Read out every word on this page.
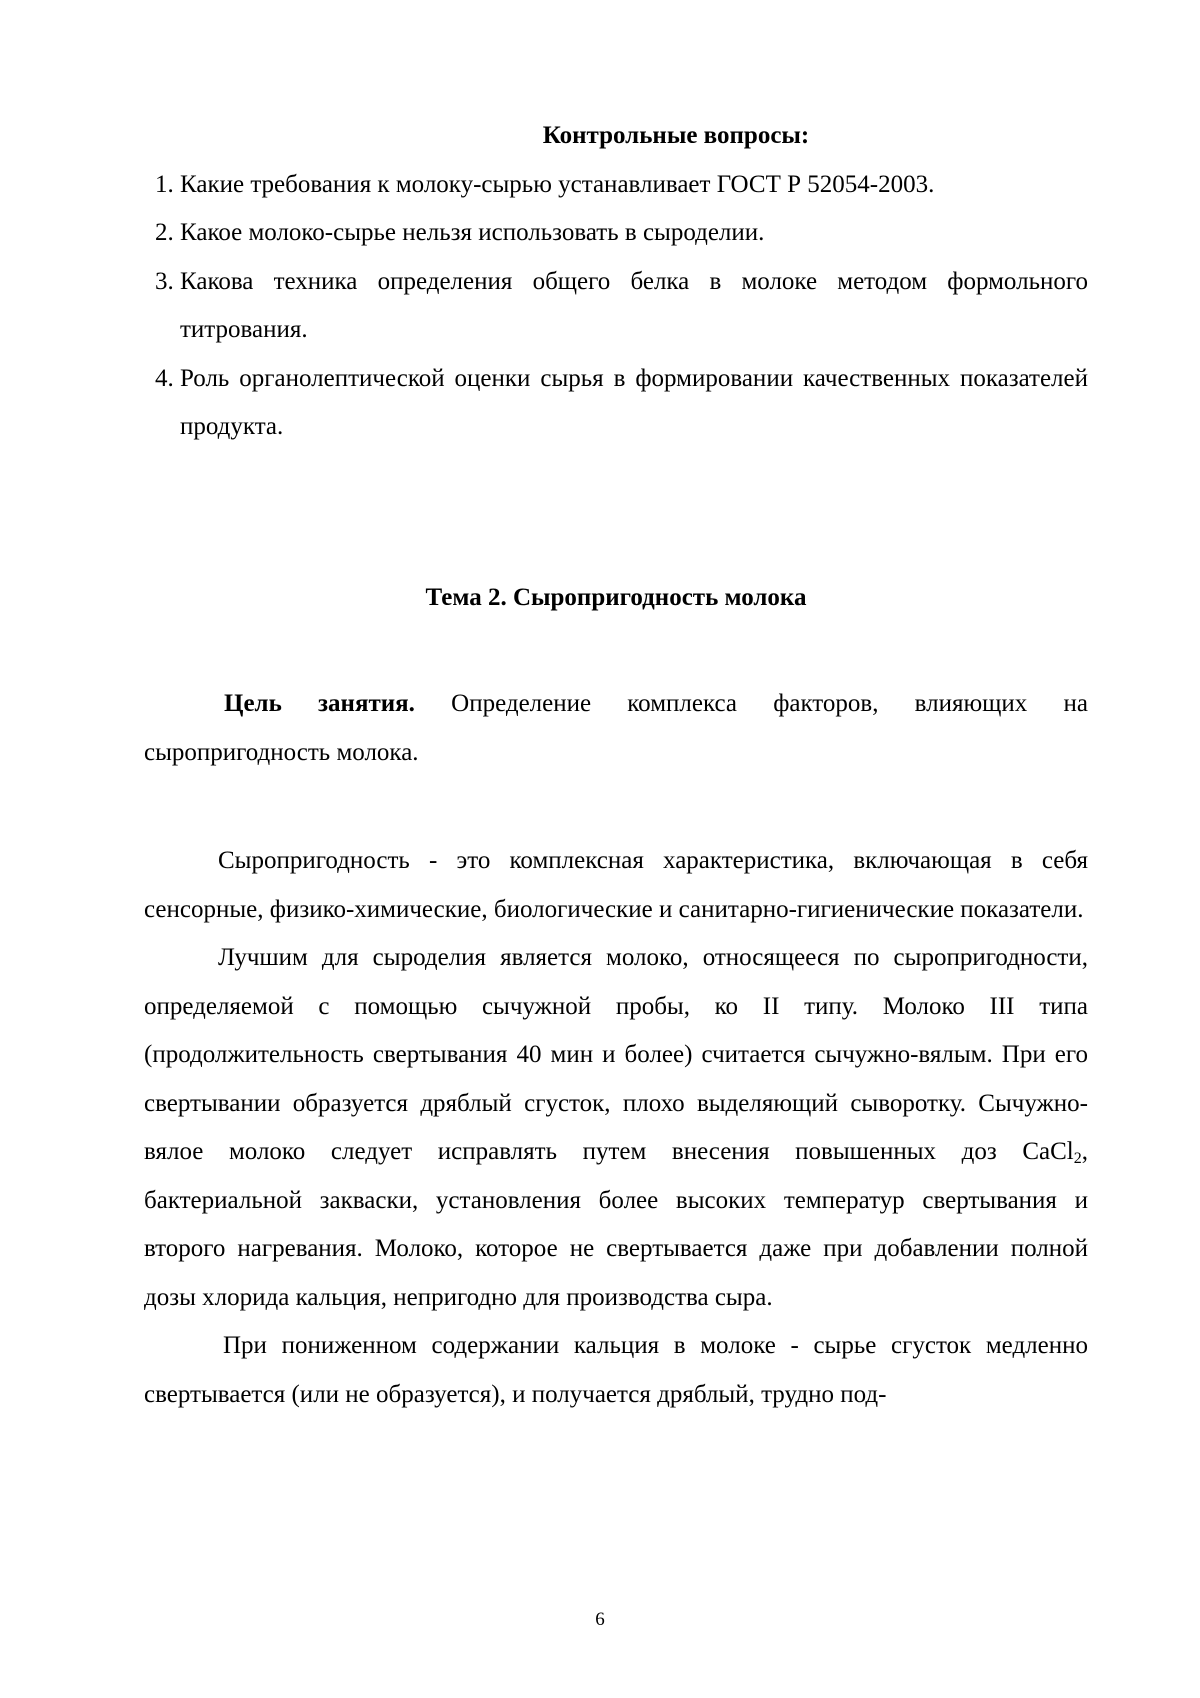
Контрольные вопросы:

1. Какие требования к молоку-сырью устанавливает ГОСТ Р 52054-2003.
2. Какое молоко-сырье нельзя использовать в сыроделии.
3. Какова техника определения общего белка в молоке методом формольного титрования.
4. Роль органолептической оценки сырья в формировании качественных показателей продукта.

Тема 2. Сыропригодность молока

Цель занятия. Определение комплекса факторов, влияющих на сыропригодность молока.

Сыропригодность - это комплексная характеристика, включающая в себя сенсорные, физико-химические, биологические и санитарно-гигиенические показатели.

Лучшим для сыроделия является молоко, относящееся по сыропригодности, определяемой с помощью сычужной пробы, ко II типу. Молоко III типа (продолжительность свертывания 40 мин и более) считается сычужно-вялым. При его свертывании образуется дряблый сгусток, плохо выделяющий сыворотку. Сычужно-вялое молоко следует исправлять путем внесения повышенных доз CaCl$_2$, бактериальной закваски, установления более высоких температур свертывания и второго нагревания. Молоко, которое не свертывается даже при добавлении полной дозы хлорида кальция, непригодно для производства сыра.

При пониженном содержании кальция в молоке - сырье сгусток медленно свертывается (или не образуется), и получается дряблый, трудно под-

6
